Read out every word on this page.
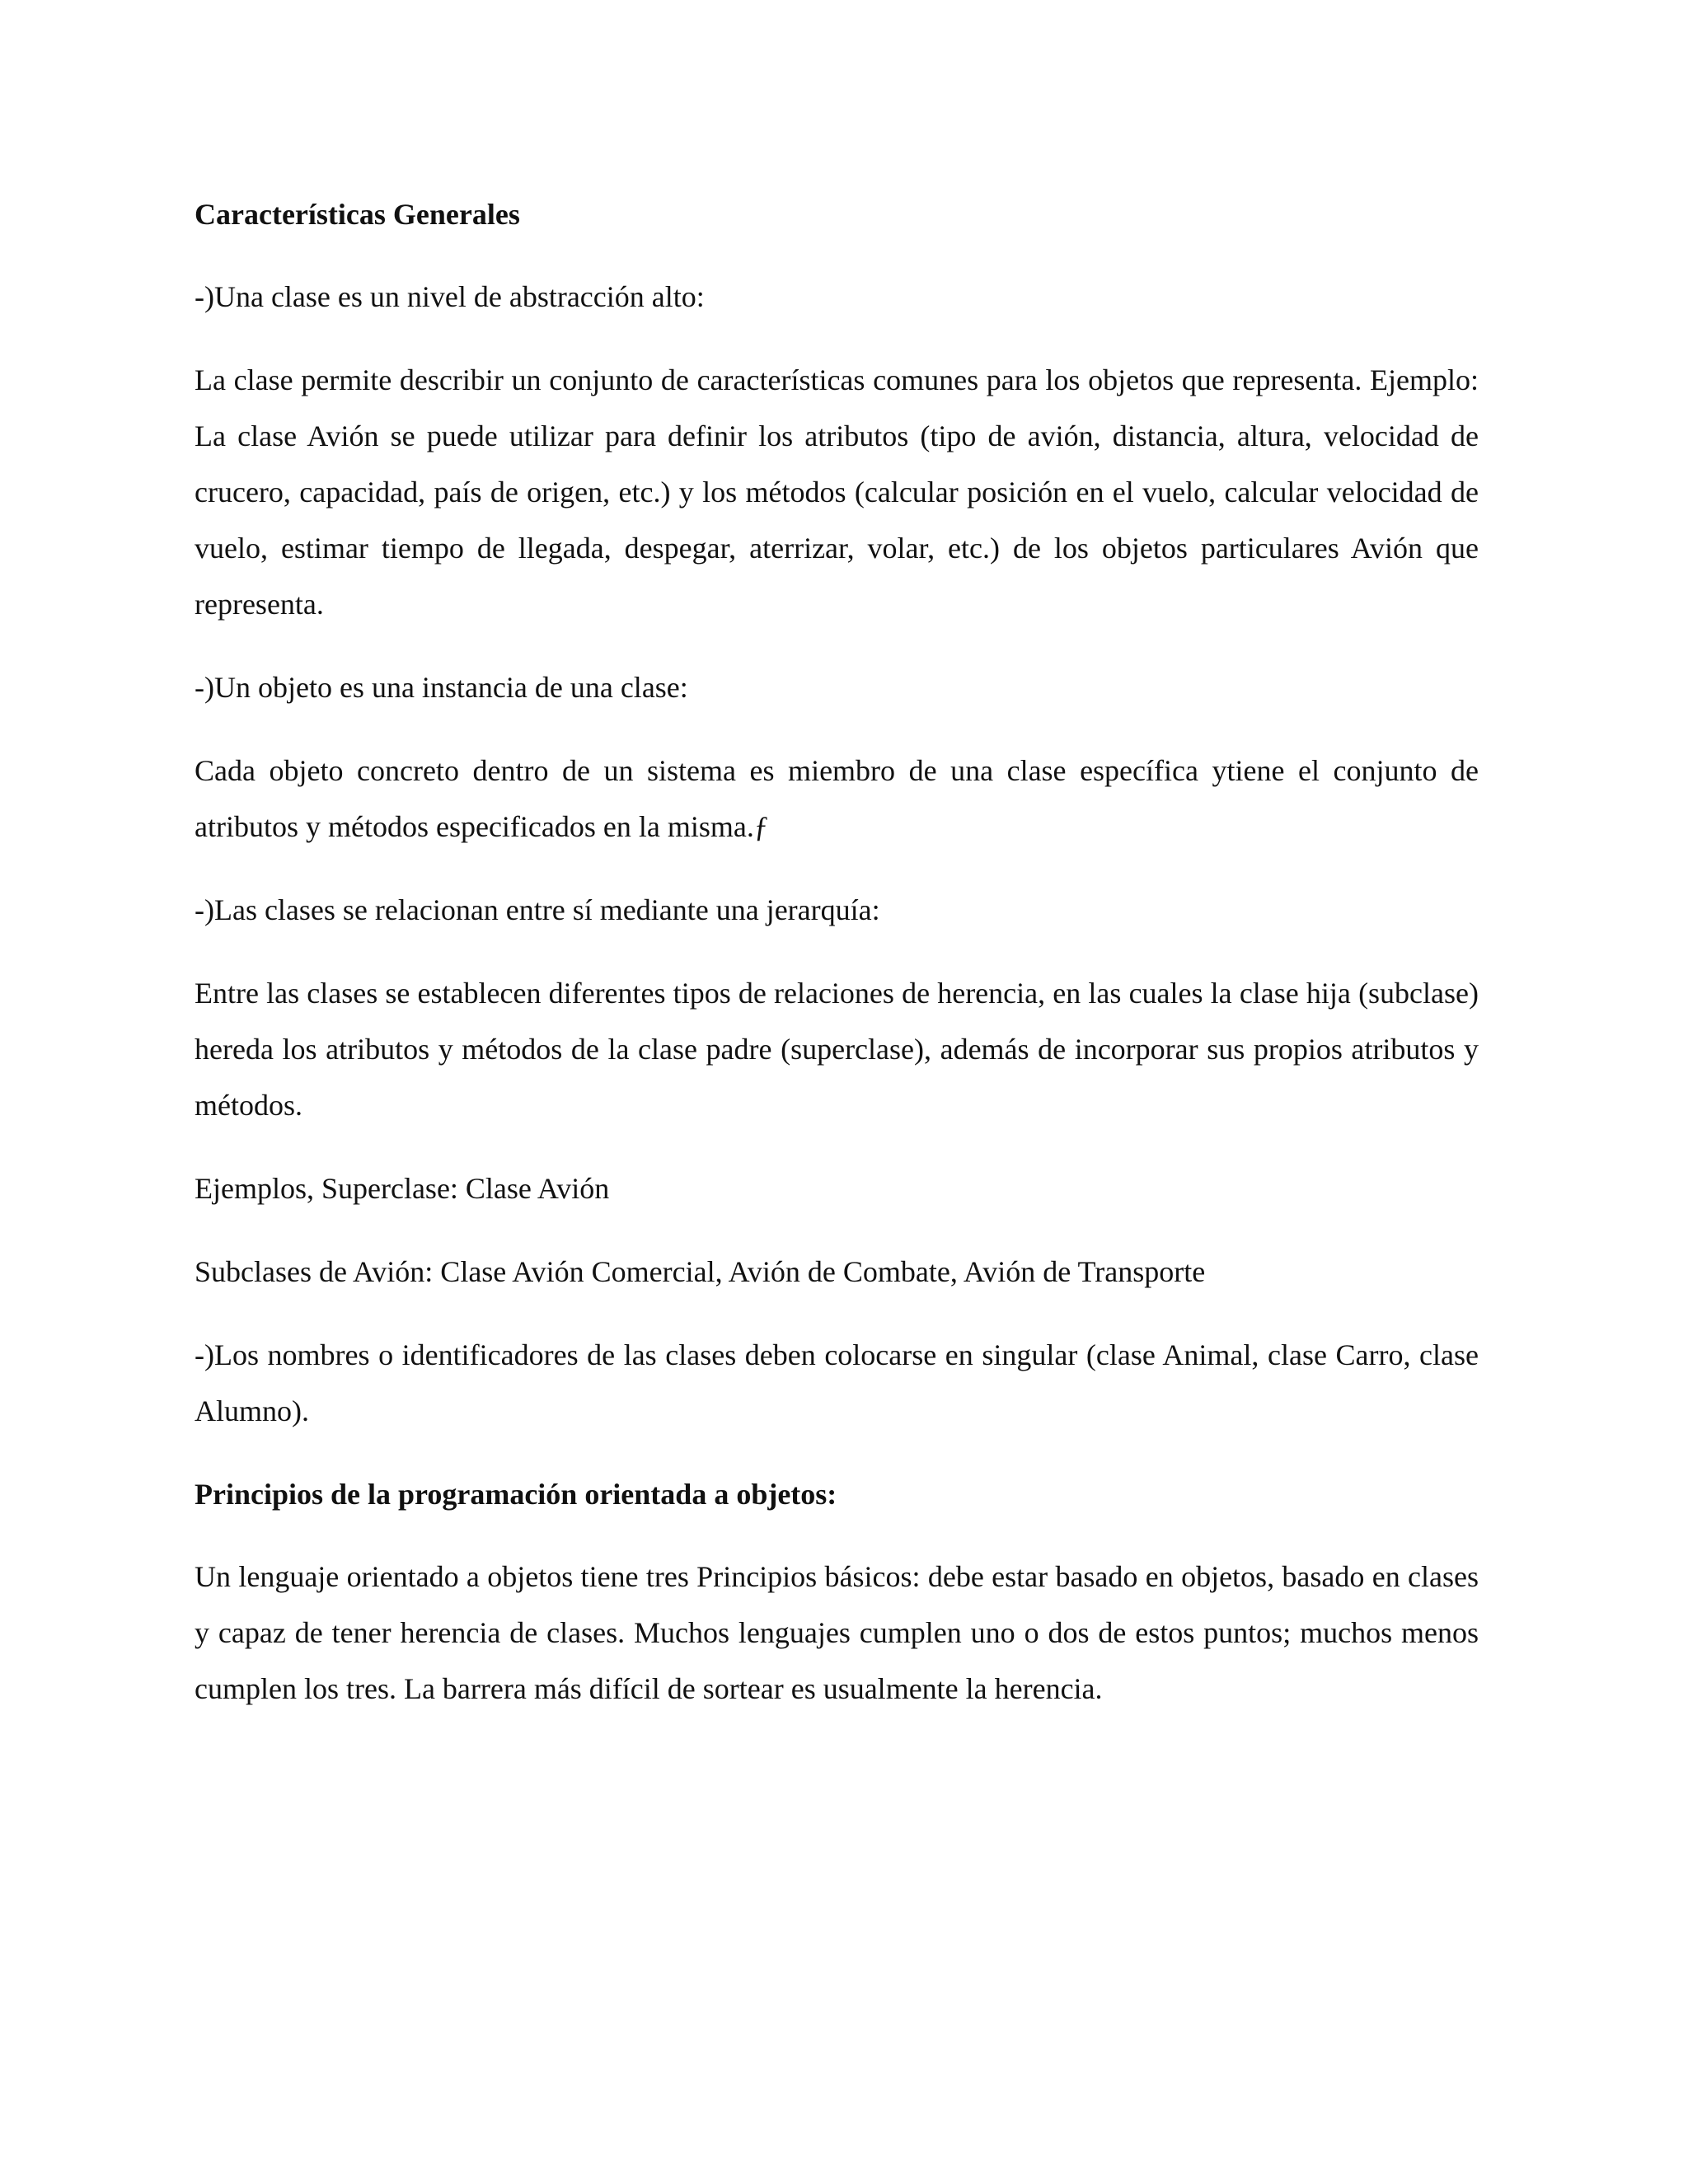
Características Generales
-)Una clase es un nivel de abstracción alto:
La clase permite describir un conjunto de características comunes para los objetos que representa. Ejemplo: La clase Avión se puede utilizar para definir los atributos (tipo de avión, distancia, altura, velocidad de crucero, capacidad, país de origen, etc.) y los métodos (calcular posición en el vuelo, calcular velocidad de vuelo, estimar tiempo de llegada, despegar, aterrizar, volar, etc.) de los objetos particulares Avión que representa.
-)Un objeto es una instancia de una clase:
Cada objeto concreto dentro de un sistema es miembro de una clase específica ytiene el conjunto de atributos y métodos especificados en la misma.ƒ
-)Las clases se relacionan entre sí mediante una jerarquía:
Entre las clases se establecen diferentes tipos de relaciones de herencia, en las cuales la clase hija (subclase) hereda los atributos y métodos de la clase padre (superclase), además de incorporar sus propios atributos y métodos.
Ejemplos, Superclase: Clase Avión
Subclases de Avión: Clase Avión Comercial, Avión de Combate, Avión de Transporte
-)Los nombres o identificadores de las clases deben colocarse en singular (clase Animal, clase Carro, clase Alumno).
Principios de la programación orientada a objetos:
Un lenguaje orientado a objetos tiene tres Principios básicos: debe estar basado en objetos, basado en clases y capaz de tener herencia de clases. Muchos lenguajes cumplen uno o dos de estos puntos; muchos menos cumplen los tres. La barrera más difícil de sortear es usualmente la herencia.
